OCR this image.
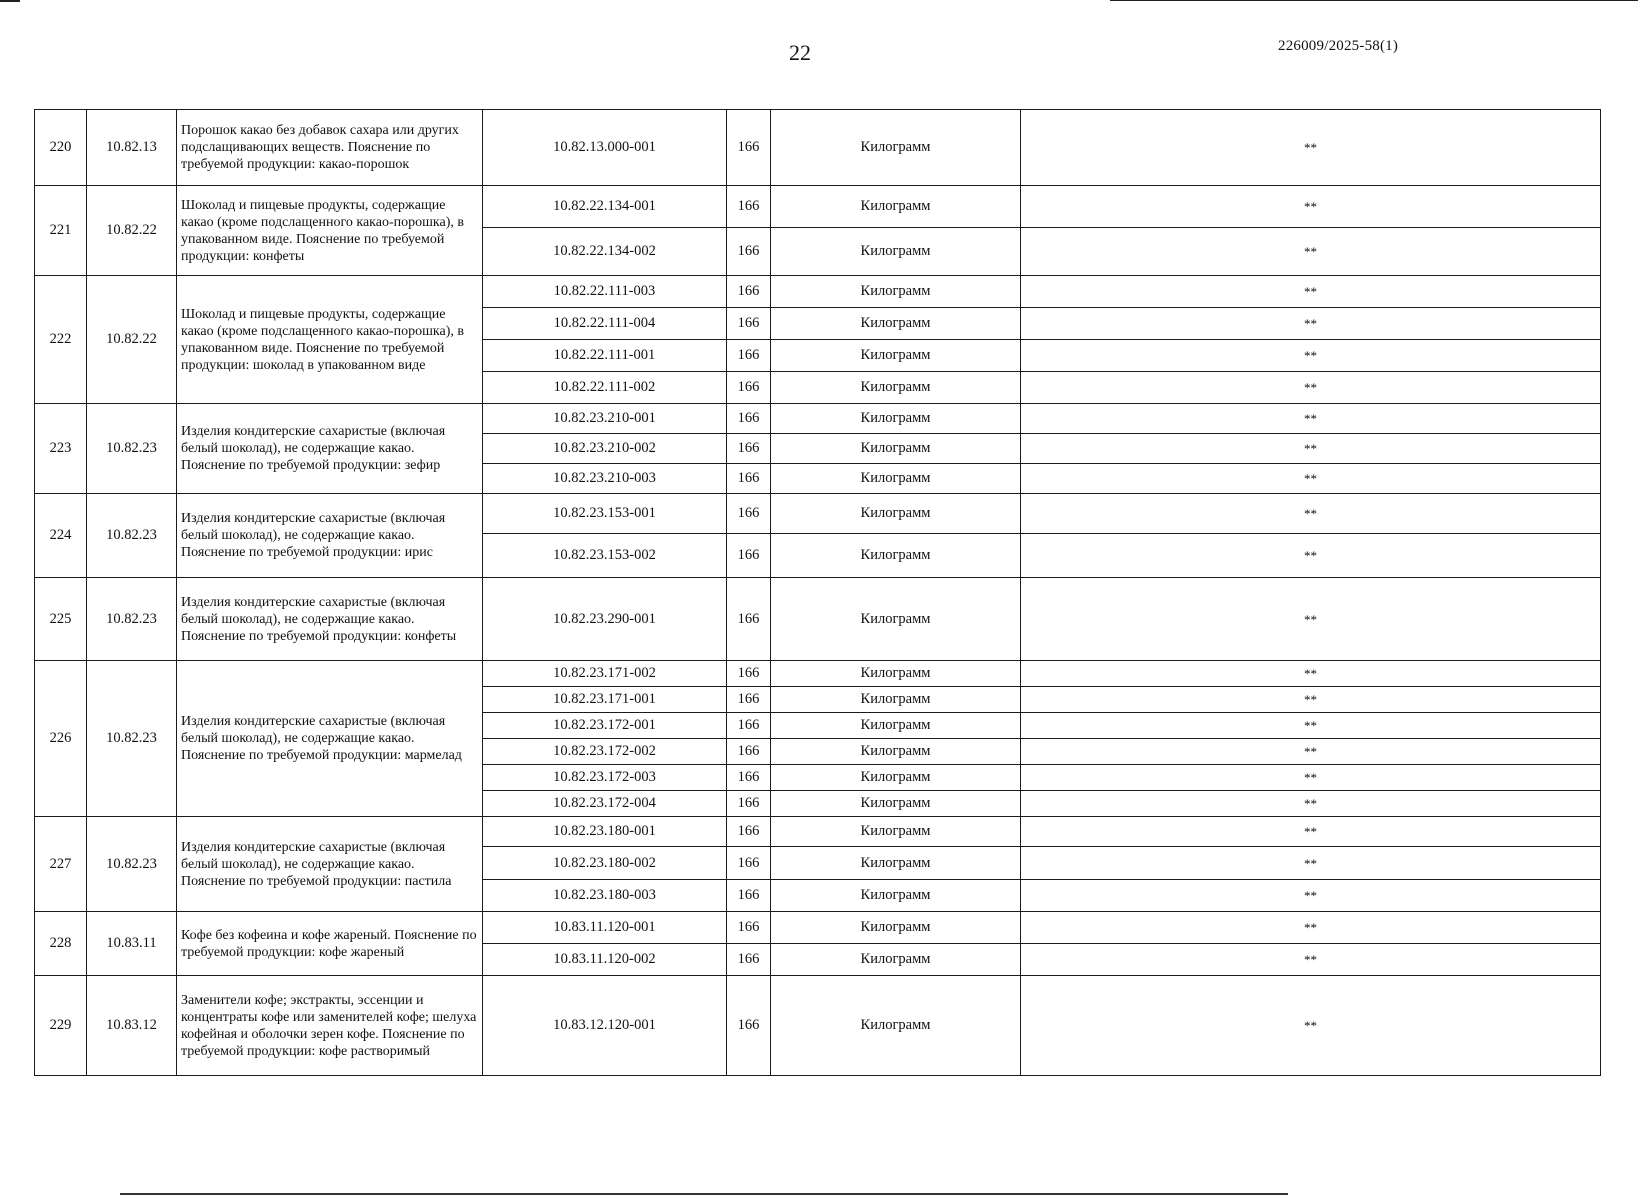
22	226009/2025-58(1)
220	10.82.13	Порошок какао без добавок сахара или других подслащивающих веществ. Пояснение по требуемой продукции: какао-порошок	10.82.13.000-001	166	Килограмм	**
221	10.82.22	Шоколад и пищевые продукты, содержащие какао (кроме подслащенного какао-порошка), в упакованном виде. Пояснение по требуемой продукции: конфеты	10.82.22.134-001	166	Килограмм	**
			10.82.22.134-002	166	Килограмм	**
222	10.82.22	Шоколад и пищевые продукты, содержащие какао (кроме подслащенного какао-порошка), в упакованном виде. Пояснение по требуемой продукции: шоколад в упакованном виде	10.82.22.111-003	166	Килограмм	**
			10.82.22.111-004	166	Килограмм	**
			10.82.22.111-001	166	Килограмм	**
			10.82.22.111-002	166	Килограмм	**
223	10.82.23	Изделия кондитерские сахаристые (включая белый шоколад), не содержащие какао. Пояснение по требуемой продукции: зефир	10.82.23.210-001	166	Килограмм	**
			10.82.23.210-002	166	Килограмм	**
			10.82.23.210-003	166	Килограмм	**
224	10.82.23	Изделия кондитерские сахаристые (включая белый шоколад), не содержащие какао. Пояснение по требуемой продукции: ирис	10.82.23.153-001	166	Килограмм	**
			10.82.23.153-002	166	Килограмм	**
225	10.82.23	Изделия кондитерские сахаристые (включая белый шоколад), не содержащие какао. Пояснение по требуемой продукции: конфеты	10.82.23.290-001	166	Килограмм	**
226	10.82.23	Изделия кондитерские сахаристые (включая белый шоколад), не содержащие какао. Пояснение по требуемой продукции: мармелад	10.82.23.171-002	166	Килограмм	**
			10.82.23.171-001	166	Килограмм	**
			10.82.23.172-001	166	Килограмм	**
			10.82.23.172-002	166	Килограмм	**
			10.82.23.172-003	166	Килограмм	**
			10.82.23.172-004	166	Килограмм	**
227	10.82.23	Изделия кондитерские сахаристые (включая белый шоколад), не содержащие какао. Пояснение по требуемой продукции: пастила	10.82.23.180-001	166	Килограмм	**
			10.82.23.180-002	166	Килограмм	**
			10.82.23.180-003	166	Килограмм	**
228	10.83.11	Кофе без кофеина и кофе жареный. Пояснение по требуемой продукции: кофе жареный	10.83.11.120-001	166	Килограмм	**
			10.83.11.120-002	166	Килограмм	**
229	10.83.12	Заменители кофе; экстракты, эссенции и концентраты кофе или заменителей кофе; шелуха кофейная и оболочки зерен кофе. Пояснение по требуемой продукции: кофе растворимый	10.83.12.120-001	166	Килограмм	**
